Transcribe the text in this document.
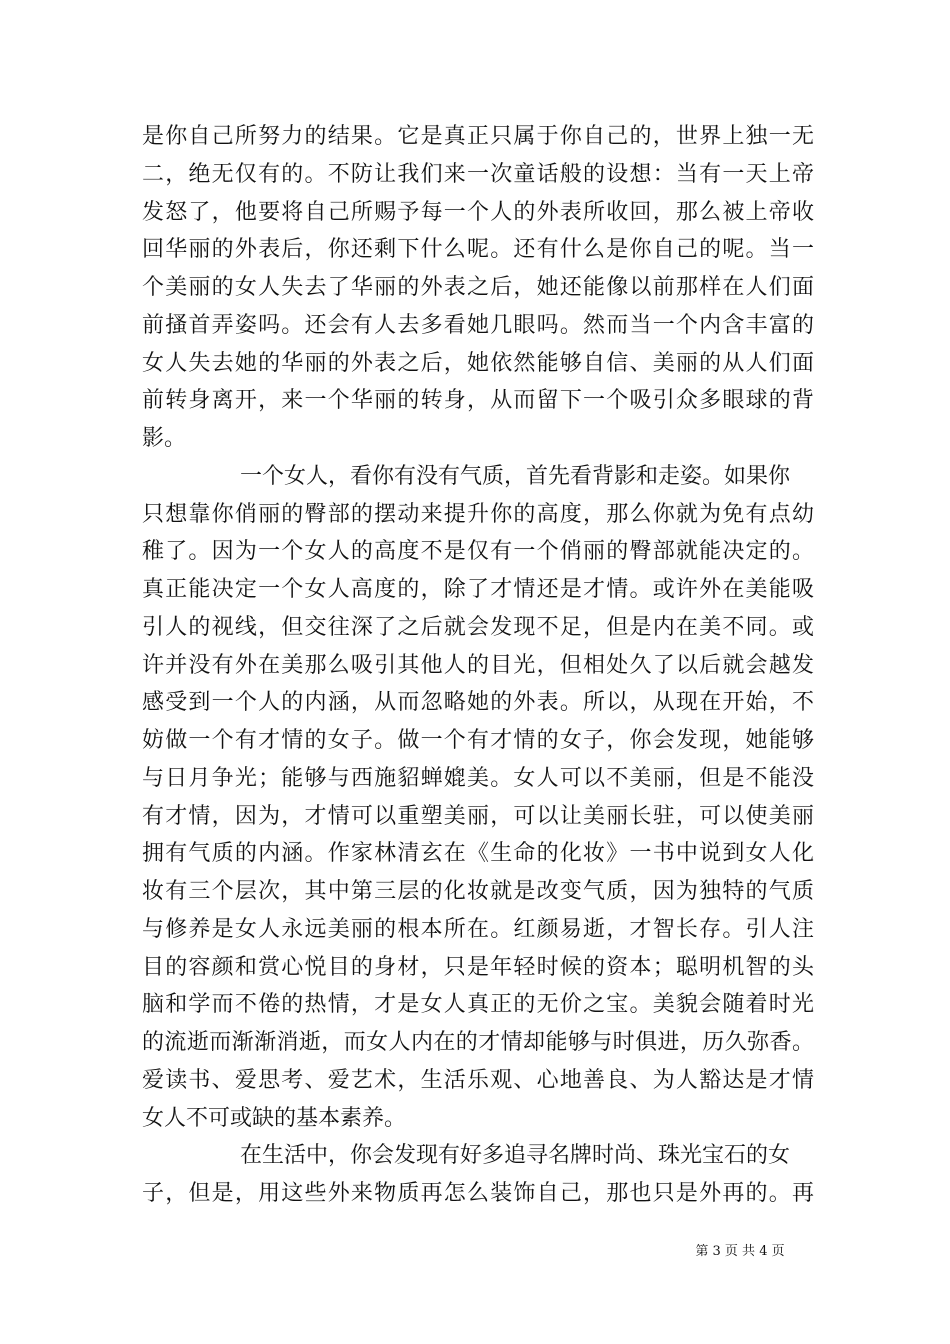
是你自己所努力的结果。它是真正只属于你自己的，世界上独一无
二，绝无仅有的。不防让我们来一次童话般的设想：当有一天上帝
发怒了，他要将自己所赐予每一个人的外表所收回，那么被上帝收
回华丽的外表后，你还剩下什么呢。还有什么是你自己的呢。当一
个美丽的女人失去了华丽的外表之后，她还能像以前那样在人们面
前搔首弄姿吗。还会有人去多看她几眼吗。然而当一个内含丰富的
女人失去她的华丽的外表之后，她依然能够自信、美丽的从人们面
前转身离开，来一个华丽的转身，从而留下一个吸引众多眼球的背
影。
一个女人，看你有没有气质，首先看背影和走姿。如果你
只想靠你俏丽的臀部的摆动来提升你的高度，那么你就为免有点幼
稚了。因为一个女人的高度不是仅有一个俏丽的臀部就能决定的。
真正能决定一个女人高度的，除了才情还是才情。或许外在美能吸
引人的视线，但交往深了之后就会发现不足，但是内在美不同。或
许并没有外在美那么吸引其他人的目光，但相处久了以后就会越发
感受到一个人的内涵，从而忽略她的外表。所以，从现在开始，不
妨做一个有才情的女子。做一个有才情的女子，你会发现，她能够
与日月争光；能够与西施貂蝉媲美。女人可以不美丽，但是不能没
有才情，因为，才情可以重塑美丽，可以让美丽长驻，可以使美丽
拥有气质的内涵。作家林清玄在《生命的化妆》一书中说到女人化
妆有三个层次，其中第三层的化妆就是改变气质，因为独特的气质
与修养是女人永远美丽的根本所在。红颜易逝，才智长存。引人注
目的容颜和赏心悦目的身材，只是年轻时候的资本；聪明机智的头
脑和学而不倦的热情，才是女人真正的无价之宝。美貌会随着时光
的流逝而渐渐消逝，而女人内在的才情却能够与时俱进，历久弥香。
爱读书、爱思考、爱艺术，生活乐观、心地善良、为人豁达是才情
女人不可或缺的基本素养。
在生活中，你会发现有好多追寻名牌时尚、珠光宝石的女
子，但是，用这些外来物质再怎么装饰自己，那也只是外再的。再
第 3 页 共 4 页
